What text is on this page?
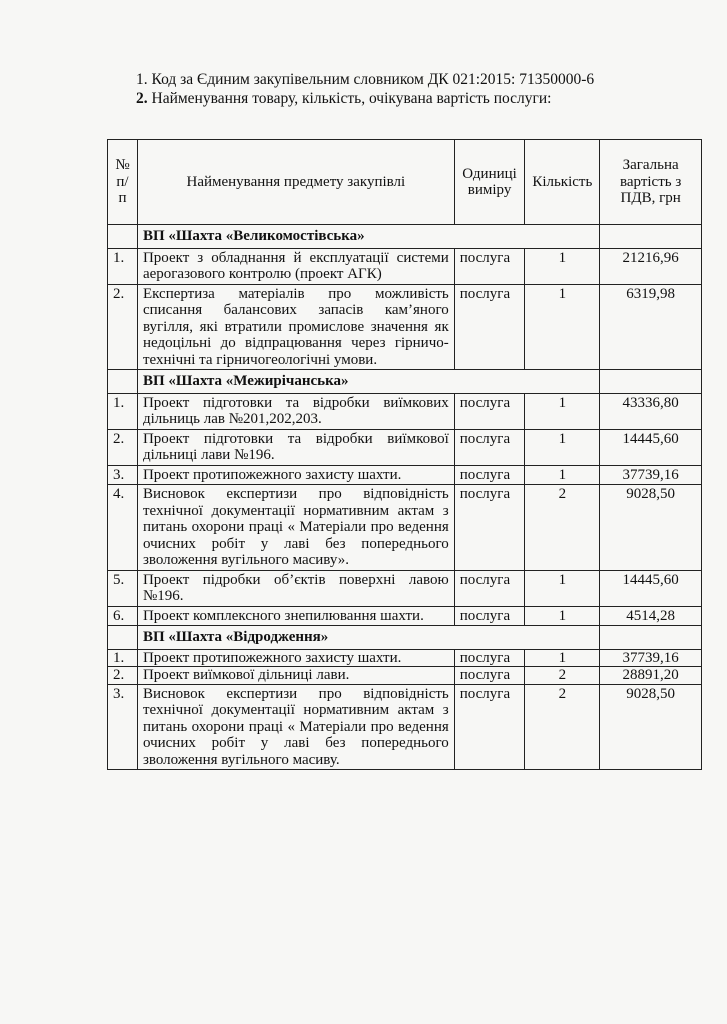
1. Код за Єдиним закупівельним словником ДК 021:2015: 71350000-6
2. Найменування товару, кількість, очікувана вартість послуги:
№ п/п	Найменування предмету закупівлі	Одиниці виміру	Кількість	Загальна вартість з ПДВ, грн
	ВП «Шахта «Великомостівська»			
1.	Проект з обладнання й експлуатації системи аерогазового контролю (проект АГК)	послуга	1	21216,96
2.	Експертиза матеріалів про можливість списання балансових запасів кам’яного вугілля, які втратили промислове значення як недоцільні до відпрацювання через гірничо-технічні та гірничогеологічні умови.	послуга	1	6319,98
	ВП «Шахта «Межирічанська»			
1.	Проект підготовки та відробки виїмкових дільниць лав №201,202,203.	послуга	1	43336,80
2.	Проект підготовки та відробки виїмкової дільниці лави №196.	послуга	1	14445,60
3.	Проект протипожежного захисту шахти.	послуга	1	37739,16
4.	Висновок експертизи про відповідність технічної документації нормативним актам з питань охорони праці « Матеріали про ведення очисних робіт у лаві без попереднього зволоження вугільного масиву».	послуга	2	9028,50
5.	Проект підробки об’єктів поверхні лавою №196.	послуга	1	14445,60
6.	Проект комплексного знепилювання шахти.	послуга	1	4514,28
	ВП «Шахта «Відродження»			
1.	Проект протипожежного захисту шахти.	послуга	1	37739,16
2.	Проект виїмкової дільниці лави.	послуга	2	28891,20
3.	Висновок експертизи про відповідність технічної документації нормативним актам з питань охорони праці « Матеріали про ведення очисних робіт у лаві без попереднього зволоження вугільного масиву.	послуга	2	9028,50
